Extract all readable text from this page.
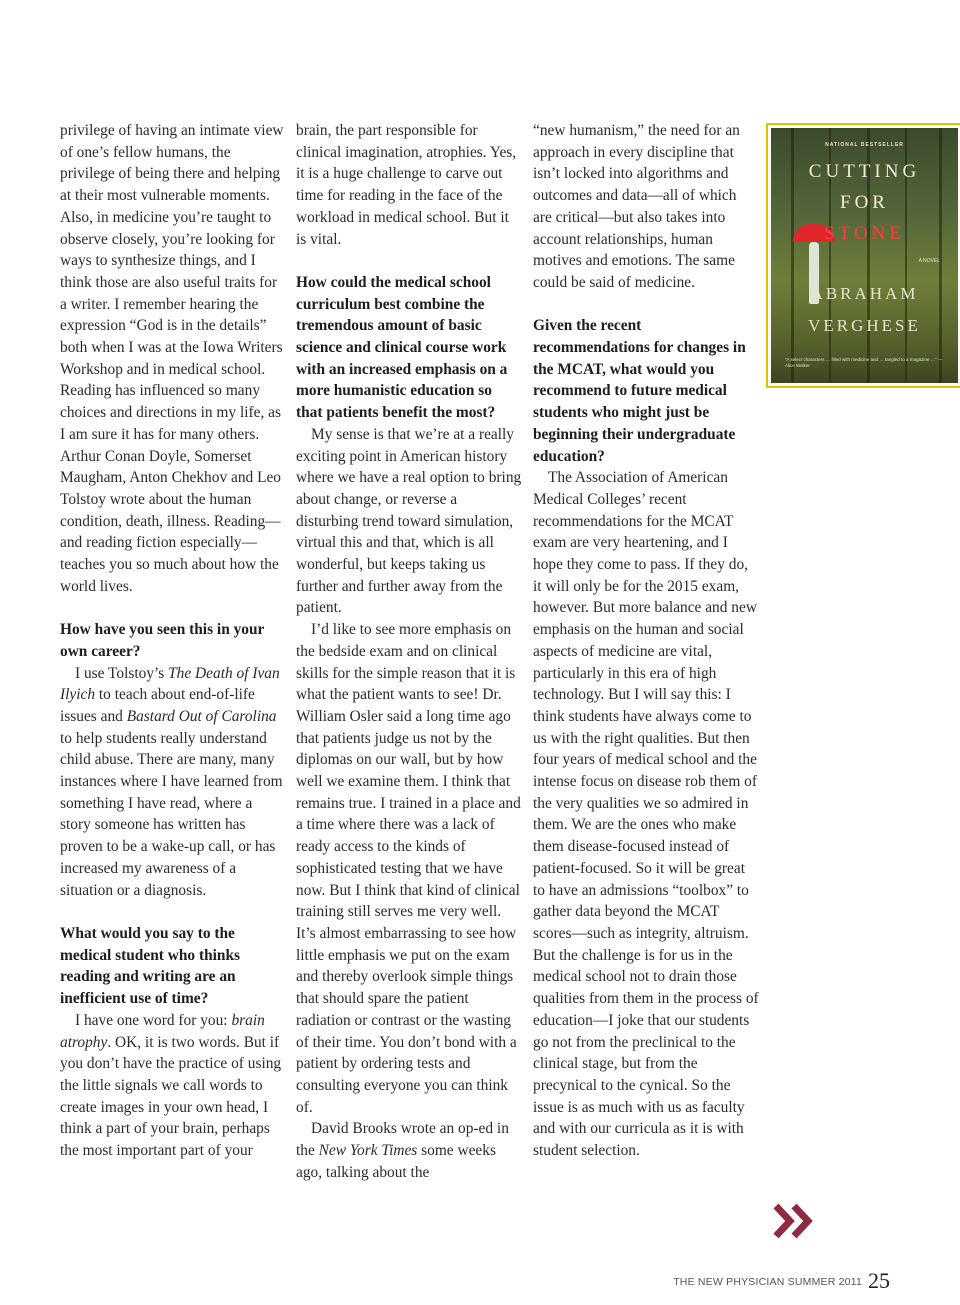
privilege of having an intimate view of one’s fellow humans, the privilege of being there and helping at their most vulnerable moments. Also, in medicine you’re taught to observe closely, you’re looking for ways to synthesize things, and I think those are also useful traits for a writer. I remember hearing the expression “God is in the details” both when I was at the Iowa Writers Workshop and in medical school. Reading has influenced so many choices and directions in my life, as I am sure it has for many others. Arthur Conan Doyle, Somerset Maugham, Anton Chekhov and Leo Tolstoy wrote about the human condition, death, illness. Reading—and reading fiction especially—teaches you so much about how the world lives.

How have you seen this in your own career?

I use Tolstoy’s The Death of Ivan Ilyich to teach about end-of-life issues and Bastard Out of Carolina to help students really understand child abuse. There are many, many instances where I have learned from something I have read, where a story someone has written has proven to be a wake-up call, or has increased my awareness of a situation or a diagnosis.

What would you say to the medical student who thinks reading and writing are an inefficient use of time?

I have one word for you: brain atrophy. OK, it is two words. But if you don’t have the practice of using the little signals we call words to create images in your own head, I think a part of your brain, perhaps the most important part of your

brain, the part responsible for clinical imagination, atrophies. Yes, it is a huge challenge to carve out time for reading in the face of the workload in medical school. But it is vital.

How could the medical school curriculum best combine the tremendous amount of basic science and clinical course work with an increased emphasis on a more humanistic education so that patients benefit the most?

My sense is that we’re at a really exciting point in American history where we have a real option to bring about change, or reverse a disturbing trend toward simulation, virtual this and that, which is all wonderful, but keeps taking us further and further away from the patient.

I’d like to see more emphasis on the bedside exam and on clinical skills for the simple reason that it is what the patient wants to see! Dr. William Osler said a long time ago that patients judge us not by the diplomas on our wall, but by how well we examine them. I think that remains true. I trained in a place and a time where there was a lack of ready access to the kinds of sophisticated testing that we have now. But I think that kind of clinical training still serves me very well. It’s almost embarrassing to see how little emphasis we put on the exam and thereby overlook simple things that should spare the patient radiation or contrast or the wasting of their time. You don’t bond with a patient by ordering tests and consulting everyone you can think of.

David Brooks wrote an op-ed in the New York Times some weeks ago, talking about the

“new humanism,” the need for an approach in every discipline that isn’t locked into algorithms and outcomes and data—all of which are critical—but also takes into account relationships, human motives and emotions. The same could be said of medicine.

Given the recent recommendations for changes in the MCAT, what would you recommend to future medical students who might just be beginning their undergraduate education?

The Association of American Medical Colleges’ recent recommendations for the MCAT exam are very heartening, and I hope they come to pass. If they do, it will only be for the 2015 exam, however. But more balance and new emphasis on the human and social aspects of medicine are vital, particularly in this era of high technology. But I will say this: I think students have always come to us with the right qualities. But then four years of medical school and the intense focus on disease rob them of the very qualities we so admired in them. We are the ones who make them disease-focused instead of patient-focused. So it will be great to have an admissions “toolbox” to gather data beyond the MCAT scores—such as integrity, altruism. But the challenge is for us in the medical school not to drain those qualities from them in the process of education—I joke that our students go not from the preclinical to the clinical stage, but from the precynical to the cynical. So the issue is as much with us as faculty and with our curricula as it is with student selection.

NATIONAL BESTSELLER
CUTTING
FOR
STONE
A NOVEL
ABRAHAM
VERGHESE
“A select characters … filled with medicine and … tangled to a magazine …” — Alice Walker
THE NEW PHYSICIAN SUMMER 2011 25
